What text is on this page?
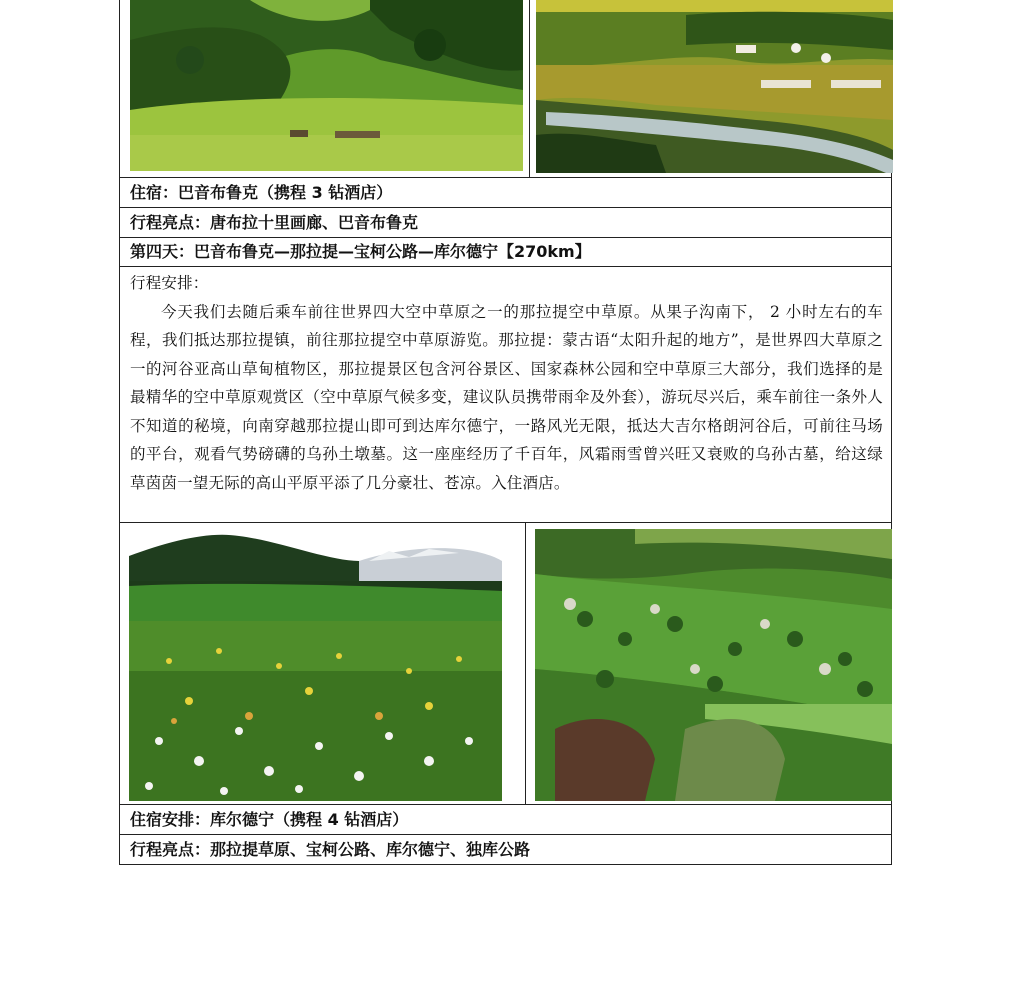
住宿：巴音布鲁克（携程 3 钻酒店）
行程亮点：唐布拉十里画廊、巴音布鲁克
第四天：巴音布鲁克—那拉提—宝柯公路—库尔德宁【270km】
行程安排：

今天我们去随后乘车前往世界四大空中草原之一的那拉提空中草原。从果子沟南下， 2 小时左右的车程，我们抵达那拉提镇，前往那拉提空中草原游览。那拉提：蒙古语“太阳升起的地方”，是世界四大草原之一的河谷亚高山草甸植物区，那拉提景区包含河谷景区、国家森林公园和空中草原三大部分，我们选择的是最精华的空中草原观赏区（空中草原气候多变，建议队员携带雨伞及外套），游玩尽兴后，乘车前往一条外人不知道的秘境，向南穿越那拉提山即可到达库尔德宁，一路风光无限，抵达大吉尔格朗河谷后，可前往马场的平台，观看气势磅礴的乌孙土墩墓。这一座座经历了千百年，风霜雨雪曾兴旺又衰败的乌孙古墓，给这绿草茵茵一望无际的高山平原平添了几分豪壮、苍凉。入住酒店。

住宿安排：库尔德宁（携程 4 钻酒店）
行程亮点：那拉提草原、宝柯公路、库尔德宁、独库公路
